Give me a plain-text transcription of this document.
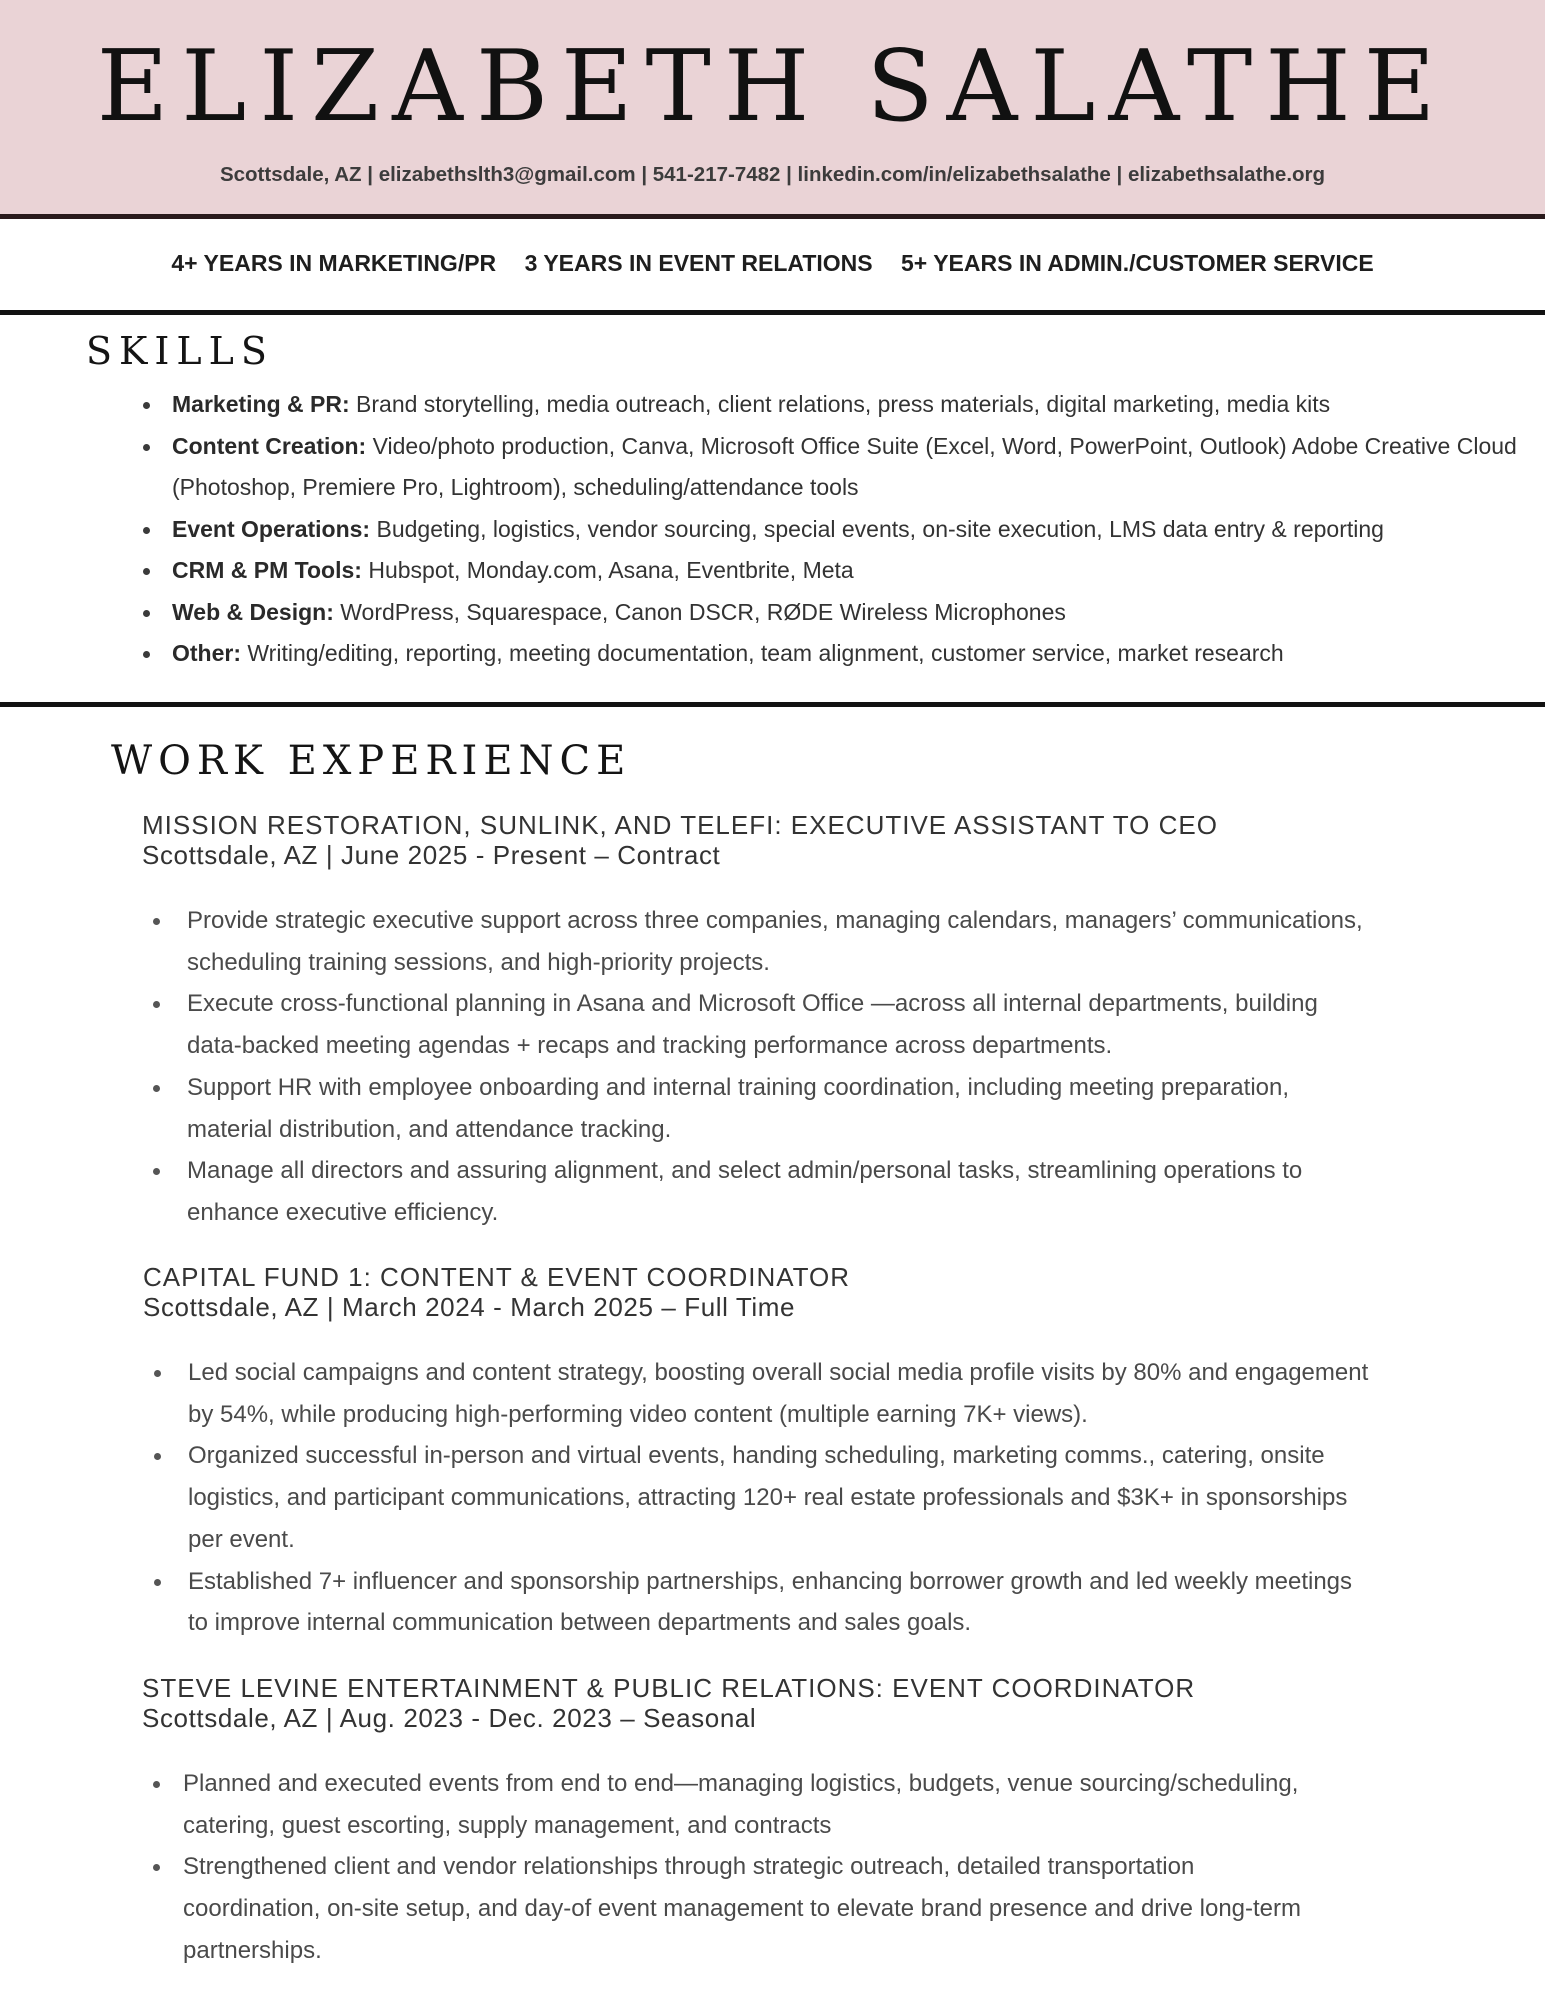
ELIZABETH SALATHE
Scottsdale, AZ | elizabethslth3@gmail.com | 541-217-7482 | linkedin.com/in/elizabethsalathe | elizabethsalathe.org
4+ YEARS IN MARKETING/PR 3 YEARS IN EVENT RELATIONS 5+ YEARS IN ADMIN./CUSTOMER SERVICE
SKILLS
Marketing & PR: Brand storytelling, media outreach, client relations, press materials, digital marketing, media kits
Content Creation: Video/photo production, Canva, Microsoft Office Suite (Excel, Word, PowerPoint, Outlook) Adobe Creative Cloud (Photoshop, Premiere Pro, Lightroom), scheduling/attendance tools
Event Operations: Budgeting, logistics, vendor sourcing, special events, on-site execution, LMS data entry & reporting
CRM & PM Tools: Hubspot, Monday.com, Asana, Eventbrite, Meta
Web & Design: WordPress, Squarespace, Canon DSCR, RØDE Wireless Microphones
Other: Writing/editing, reporting, meeting documentation, team alignment, customer service, market research
WORK EXPERIENCE
MISSION RESTORATION, SUNLINK, AND TELEFI: EXECUTIVE ASSISTANT TO CEO
Scottsdale, AZ | June 2025 - Present – Contract
Provide strategic executive support across three companies, managing calendars, managers’ communications, scheduling training sessions, and high-priority projects.
Execute cross-functional planning in Asana and Microsoft Office —across all internal departments, building data-backed meeting agendas + recaps and tracking performance across departments.
Support HR with employee onboarding and internal training coordination, including meeting preparation, material distribution, and attendance tracking.
Manage all directors and assuring alignment, and select admin/personal tasks, streamlining operations to enhance executive efficiency.
CAPITAL FUND 1: CONTENT & EVENT COORDINATOR
Scottsdale, AZ | March 2024 - March 2025 – Full Time
Led social campaigns and content strategy, boosting overall social media profile visits by 80% and engagement by 54%, while producing high-performing video content (multiple earning 7K+ views).
Organized successful in-person and virtual events, handing scheduling, marketing comms., catering, onsite logistics, and participant communications, attracting 120+ real estate professionals and $3K+ in sponsorships per event.
Established 7+ influencer and sponsorship partnerships, enhancing borrower growth and led weekly meetings to improve internal communication between departments and sales goals.
STEVE LEVINE ENTERTAINMENT & PUBLIC RELATIONS: EVENT COORDINATOR
Scottsdale, AZ | Aug. 2023 - Dec. 2023 – Seasonal
Planned and executed events from end to end—managing logistics, budgets, venue sourcing/scheduling, catering, guest escorting, supply management, and contracts
Strengthened client and vendor relationships through strategic outreach, detailed transportation coordination, on-site setup, and day-of event management to elevate brand presence and drive long-term partnerships.
